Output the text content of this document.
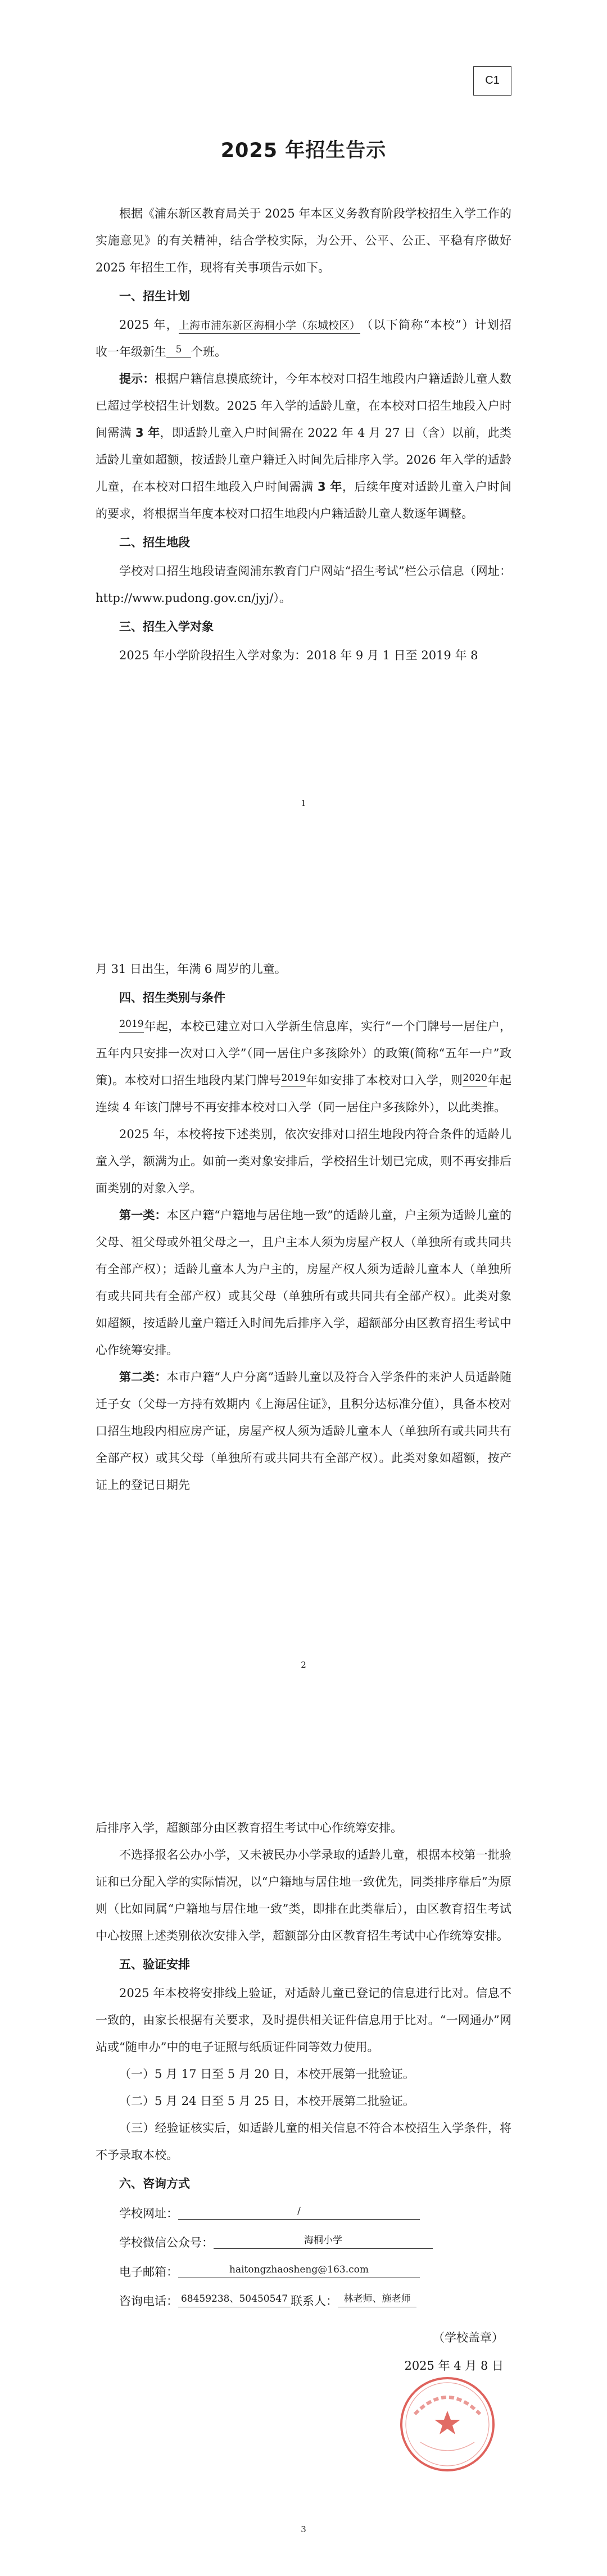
C1
2025 年招生告示

根据《浦东新区教育局关于 2025 年本区义务教育阶段学校招生入学工作的实施意见》的有关精神，结合学校实际，为公开、公平、公正、平稳有序做好 2025 年招生工作，现将有关事项告示如下。

一、招生计划

2025 年，上海市浦东新区海桐小学（东城校区）（以下简称“本校”）计划招收一年级新生 5 个班。

提示：根据户籍信息摸底统计，今年本校对口招生地段内户籍适龄儿童人数已超过学校招生计划数。2025 年入学的适龄儿童，在本校对口招生地段入户时间需满 3 年，即适龄儿童入户时间需在 2022 年 4 月 27 日（含）以前，此类适龄儿童如超额，按适龄儿童户籍迁入时间先后排序入学。2026 年入学的适龄儿童，在本校对口招生地段入户时间需满 3 年，后续年度对适龄儿童入户时间的要求，将根据当年度本校对口招生地段内户籍适龄儿童人数逐年调整。

二、招生地段

学校对口招生地段请查阅浦东教育门户网站“招生考试”栏公示信息（网址：http://www.pudong.gov.cn/jyj/）。

三、招生入学对象

2025 年小学阶段招生入学对象为：2018 年 9 月 1 日至 2019 年 8

1

月 31 日出生，年满 6 周岁的儿童。

四、招生类别与条件

2019年起，本校已建立对口入学新生信息库，实行“一个门牌号一居住户，五年内只安排一次对口入学”（同一居住户多孩除外）的政策(简称“五年一户”政策)。本校对口招生地段内某门牌号2019年如安排了本校对口入学，则2020年起连续 4 年该门牌号不再安排本校对口入学（同一居住户多孩除外），以此类推。

2025 年，本校将按下述类别，依次安排对口招生地段内符合条件的适龄儿童入学，额满为止。如前一类对象安排后，学校招生计划已完成，则不再安排后面类别的对象入学。

第一类：本区户籍“户籍地与居住地一致”的适龄儿童，户主须为适龄儿童的父母、祖父母或外祖父母之一，且户主本人须为房屋产权人（单独所有或共同共有全部产权）；适龄儿童本人为户主的，房屋产权人须为适龄儿童本人（单独所有或共同共有全部产权）或其父母（单独所有或共同共有全部产权）。此类对象如超额，按适龄儿童户籍迁入时间先后排序入学，超额部分由区教育招生考试中心作统筹安排。

第二类：本市户籍“人户分离”适龄儿童以及符合入学条件的来沪人员适龄随迁子女（父母一方持有效期内《上海居住证》，且积分达标准分值），具备本校对口招生地段内相应房产证，房屋产权人须为适龄儿童本人（单独所有或共同共有全部产权）或其父母（单独所有或共同共有全部产权）。此类对象如超额，按产证上的登记日期先

2

后排序入学，超额部分由区教育招生考试中心作统筹安排。

不选择报名公办小学，又未被民办小学录取的适龄儿童，根据本校第一批验证和已分配入学的实际情况，以“户籍地与居住地一致优先，同类排序靠后”为原则（比如同属“户籍地与居住地一致”类，即排在此类靠后），由区教育招生考试中心按照上述类别依次安排入学，超额部分由区教育招生考试中心作统筹安排。

五、验证安排

2025 年本校将安排线上验证，对适龄儿童已登记的信息进行比对。信息不一致的，由家长根据有关要求，及时提供相关证件信息用于比对。“一网通办”网站或“随申办”中的电子证照与纸质证件同等效力使用。

（一）5 月 17 日至 5 月 20 日，本校开展第一批验证。

（二）5 月 24 日至 5 月 25 日，本校开展第二批验证。

（三）经验证核实后，如适龄儿童的相关信息不符合本校招生入学条件，将不予录取本校。

六、咨询方式
学校网址：	/
学校微信公众号：	海桐小学
电子邮箱：	haitongzhaosheng@163.com
咨询电话： 68459238、50450547 联系人： 林老师、施老师
（学校盖章）
2025 年 4 月 8 日
3
